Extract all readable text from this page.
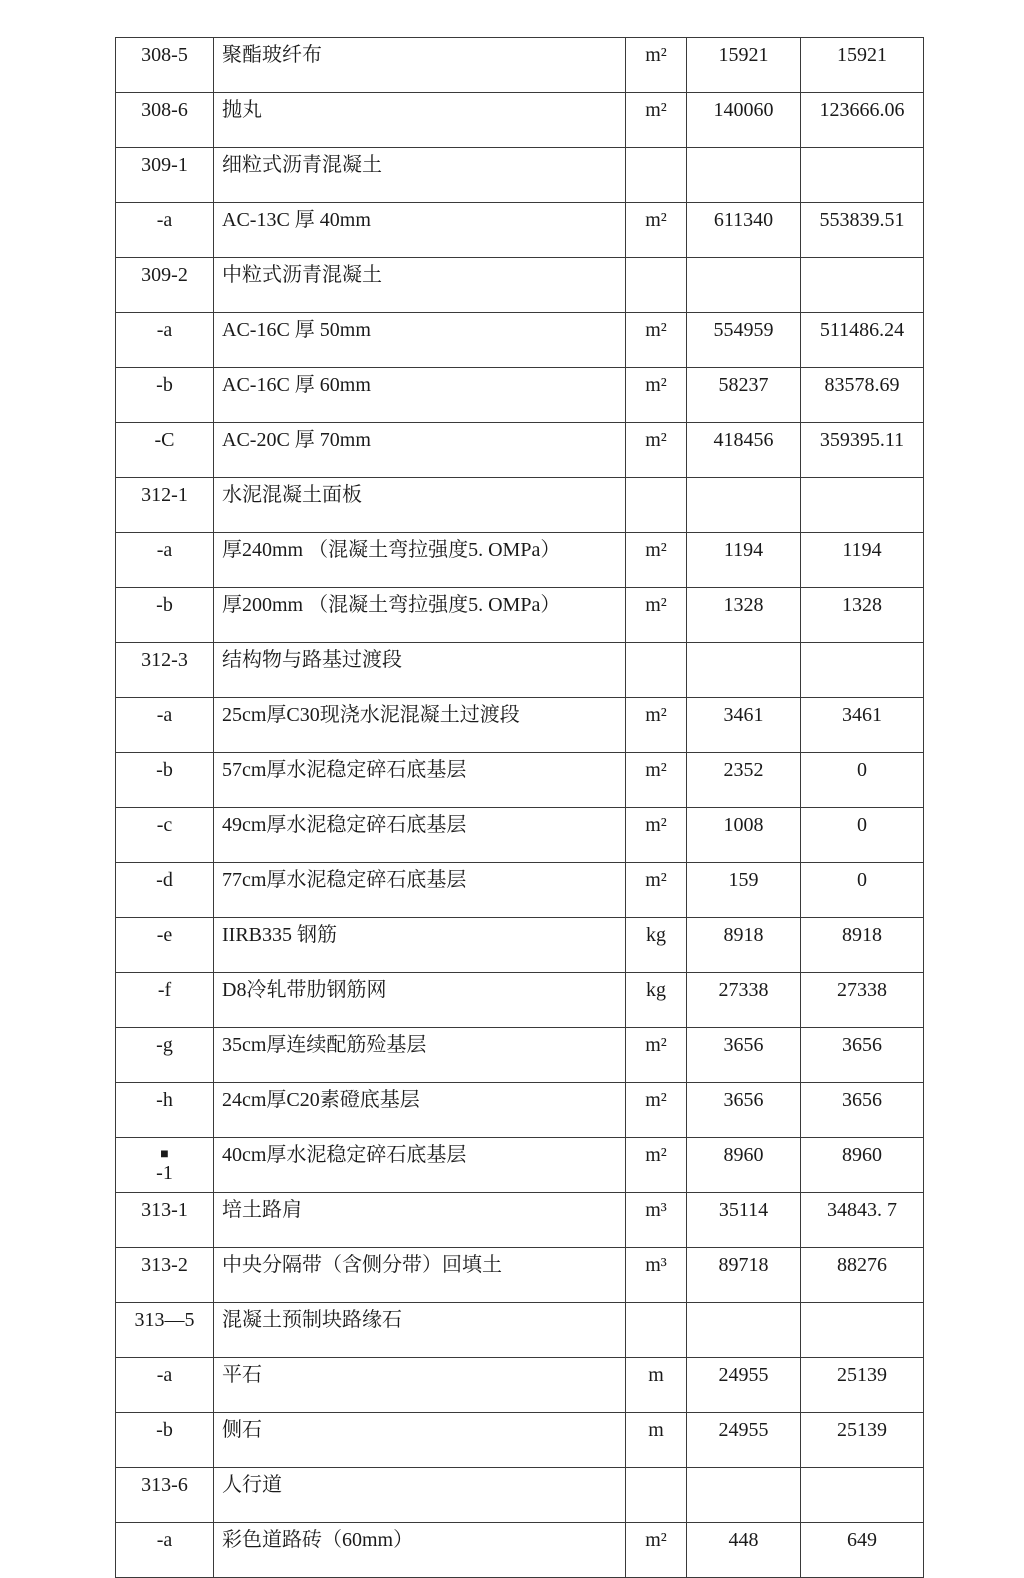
308-5	聚酯玻纤布	m²	15921	15921
308-6	抛丸	m²	140060	123666.06
309-1	细粒式沥青混凝土			
-a	AC-13C 厚 40mm	m²	611340	553839.51
309-2	中粒式沥青混凝土			
-a	AC-16C 厚 50mm	m²	554959	511486.24
-b	AC-16C 厚 60mm	m²	58237	83578.69
-C	AC-20C 厚 70mm	m²	418456	359395.11
312-1	水泥混凝土面板			
-a	厚240mm （混凝土弯拉强度5. OMPa）	m²	1194	1194
-b	厚200mm （混凝土弯拉强度5. OMPa）	m²	1328	1328
312-3	结构物与路基过渡段			
-a	25cm厚C30现浇水泥混凝土过渡段	m²	3461	3461
-b	57cm厚水泥稳定碎石底基层	m²	2352	0
-c	49cm厚水泥稳定碎石底基层	m²	1008	0
-d	77cm厚水泥稳定碎石底基层	m²	159	0
-e	IIRB335 钢筋	kg	8918	8918
-f	D8冷轧带肋钢筋网	kg	27338	27338
-g	35cm厚连续配筋殓基层	m²	3656	3656
-h	24cm厚C20素磴底基层	m²	3656	3656

■
-1	40cm厚水泥稳定碎石底基层	m²	8960	8960
313-1	培土路肩	m³	35114	34843. 7
313-2	中央分隔带（含侧分带）回填土	m³	89718	88276
313—5	混凝土预制块路缘石			
-a	平石	m	24955	25139
-b	侧石	m	24955	25139
313-6	人行道			
-a	彩色道路砖（60mm）	m²	448	649
